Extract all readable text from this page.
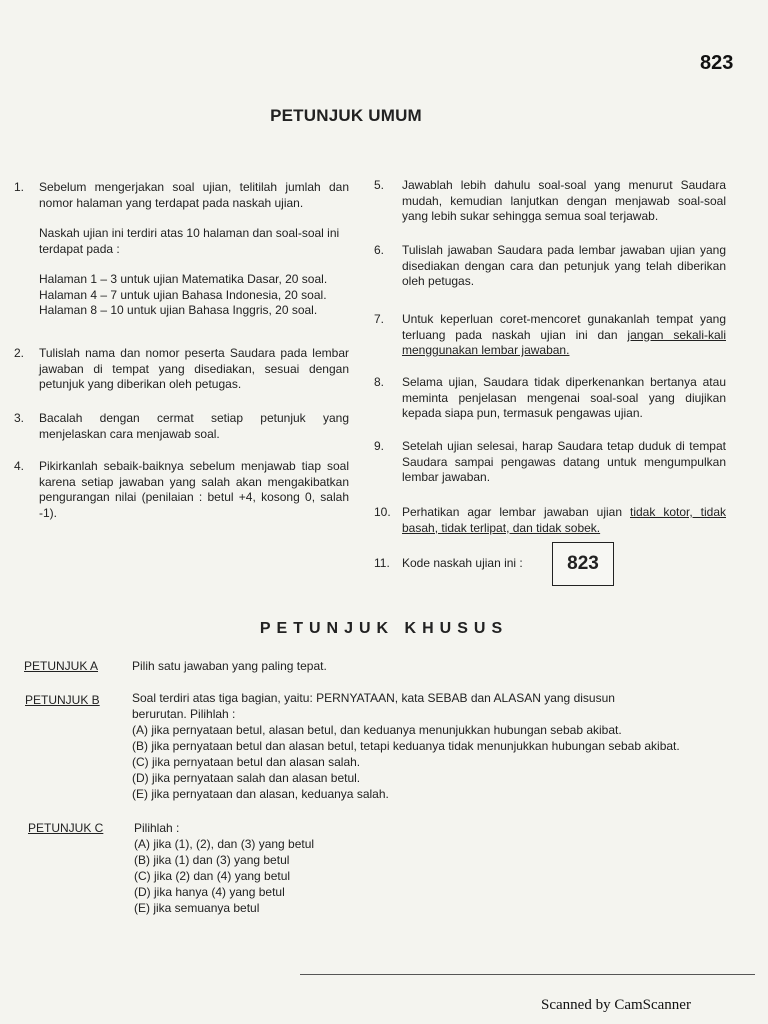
823
PETUNJUK UMUM
1. Sebelum mengerjakan soal ujian, telitilah jumlah dan nomor halaman yang terdapat pada naskah ujian.
Naskah ujian ini terdiri atas 10 halaman dan soal-soal ini terdapat pada :
Halaman 1 – 3 untuk ujian Matematika Dasar, 20 soal.
Halaman 4 – 7 untuk ujian Bahasa Indonesia, 20 soal.
Halaman 8 – 10 untuk ujian Bahasa Inggris, 20 soal.
2. Tulislah nama dan nomor peserta Saudara pada lembar jawaban di tempat yang disediakan, sesuai dengan petunjuk yang diberikan oleh petugas.
3. Bacalah dengan cermat setiap petunjuk yang menjelaskan cara menjawab soal.
4. Pikirkanlah sebaik-baiknya sebelum menjawab tiap soal karena setiap jawaban yang salah akan mengakibatkan pengurangan nilai (penilaian : betul +4, kosong 0, salah -1).
5. Jawablah lebih dahulu soal-soal yang menurut Saudara mudah, kemudian lanjutkan dengan menjawab soal-soal yang lebih sukar sehingga semua soal terjawab.
6. Tulislah jawaban Saudara pada lembar jawaban ujian yang disediakan dengan cara dan petunjuk yang telah diberikan oleh petugas.
7. Untuk keperluan coret-mencoret gunakanlah tempat yang terluang pada naskah ujian ini dan jangan sekali-kali menggunakan lembar jawaban.
8. Selama ujian, Saudara tidak diperkenankan bertanya atau meminta penjelasan mengenai soal-soal yang diujikan kepada siapa pun, termasuk pengawas ujian.
9. Setelah ujian selesai, harap Saudara tetap duduk di tempat Saudara sampai pengawas datang untuk mengumpulkan lembar jawaban.
10. Perhatikan agar lembar jawaban ujian tidak kotor, tidak basah, tidak terlipat, dan tidak sobek.
11. Kode naskah ujian ini :	823
PETUNJUK KHUSUS
PETUNJUK A	Pilih satu jawaban yang paling tepat.
PETUNJUK B	Soal terdiri atas tiga bagian, yaitu: PERNYATAAN, kata SEBAB dan ALASAN yang disusun
berurutan. Pilihlah :
(A) jika pernyataan betul, alasan betul, dan keduanya menunjukkan hubungan sebab akibat.
(B) jika pernyataan betul dan alasan betul, tetapi keduanya tidak menunjukkan hubungan sebab akibat.
(C) jika pernyataan betul dan alasan salah.
(D) jika pernyataan salah dan alasan betul.
(E) jika pernyataan dan alasan, keduanya salah.
PETUNJUK C	Pilihlah :
(A) jika (1), (2), dan (3) yang betul
(B) jika (1) dan (3) yang betul
(C) jika (2) dan (4) yang betul
(D) jika hanya (4) yang betul
(E) jika semuanya betul
Scanned by CamScanner
